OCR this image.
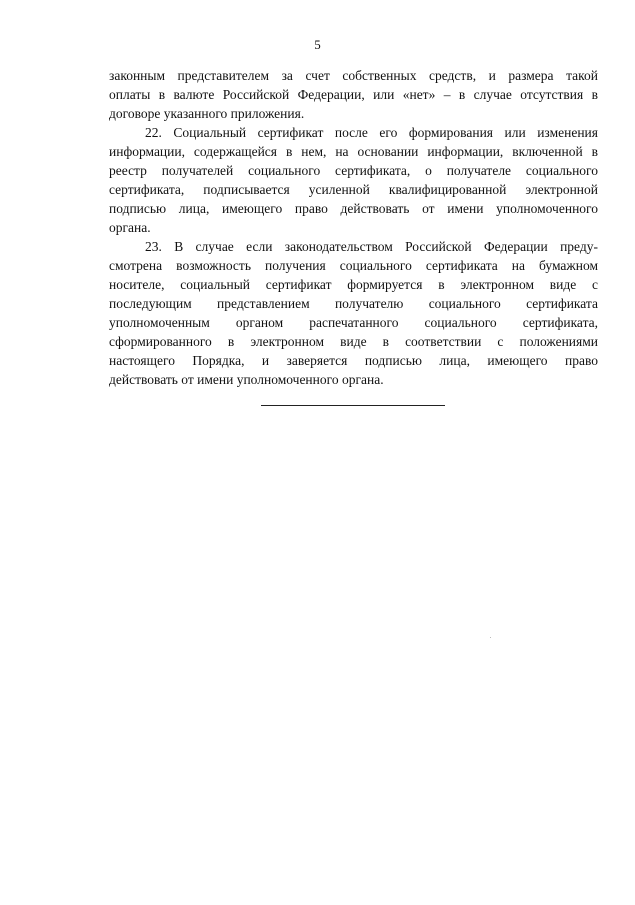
5
законным представителем за счет собственных средств, и размера такой
оплаты в валюте Российской Федерации, или «нет» – в случае отсутствия в
договоре указанного приложения.
22. Социальный сертификат после его формирования или изменения
информации, содержащейся в нем, на основании информации, включенной в
реестр получателей социального сертификата, о получателе социального
сертификата, подписывается усиленной квалифицированной электронной
подписью лица, имеющего право действовать от имени уполномоченного
органа.
23. В случае если законодательством Российской Федерации преду-
смотрена возможность получения социального сертификата на бумажном
носителе, социальный сертификат формируется в электронном виде с
последующим представлением получателю социального сертификата
уполномоченным органом распечатанного социального сертификата,
сформированного в электронном виде в соответствии с положениями
настоящего Порядка, и заверяется подписью лица, имеющего право
действовать от имени уполномоченного органа.
